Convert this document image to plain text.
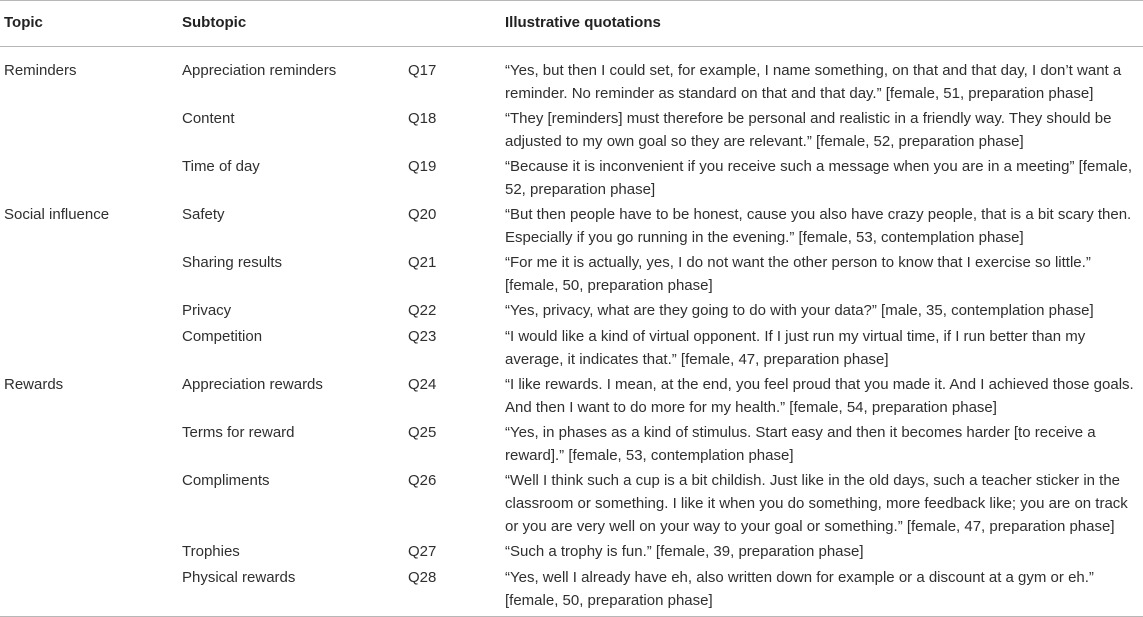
Topic	Subtopic		Illustrative quotations
Reminders	Appreciation reminders	Q17	“Yes, but then I could set, for example, I name something, on that and that day, I don’t want a reminder. No reminder as standard on that and that day.” [female, 51, preparation phase]
	Content	Q18	“They [reminders] must therefore be personal and realistic in a friendly way. They should be adjusted to my own goal so they are relevant.” [female, 52, preparation phase]
	Time of day	Q19	“Because it is inconvenient if you receive such a message when you are in a meeting” [female, 52, preparation phase]
Social influence	Safety	Q20	“But then people have to be honest, cause you also have crazy people, that is a bit scary then. Especially if you go running in the evening.” [female, 53, contemplation phase]
	Sharing results	Q21	“For me it is actually, yes, I do not want the other person to know that I exercise so little.” [female, 50, preparation phase]
	Privacy	Q22	“Yes, privacy, what are they going to do with your data?” [male, 35, contemplation phase]
	Competition	Q23	“I would like a kind of virtual opponent. If I just run my virtual time, if I run better than my average, it indicates that.” [female, 47, preparation phase]
Rewards	Appreciation rewards	Q24	“I like rewards. I mean, at the end, you feel proud that you made it. And I achieved those goals. And then I want to do more for my health.” [female, 54, preparation phase]
	Terms for reward	Q25	“Yes, in phases as a kind of stimulus. Start easy and then it becomes harder [to receive a reward].” [female, 53, contemplation phase]
	Compliments	Q26	“Well I think such a cup is a bit childish. Just like in the old days, such a teacher sticker in the classroom or something. I like it when you do something, more feedback like; you are on track or you are very well on your way to your goal or something.” [female, 47, preparation phase]
	Trophies	Q27	“Such a trophy is fun.” [female, 39, preparation phase]
	Physical rewards	Q28	“Yes, well I already have eh, also written down for example or a discount at a gym or eh.” [female, 50, preparation phase]
